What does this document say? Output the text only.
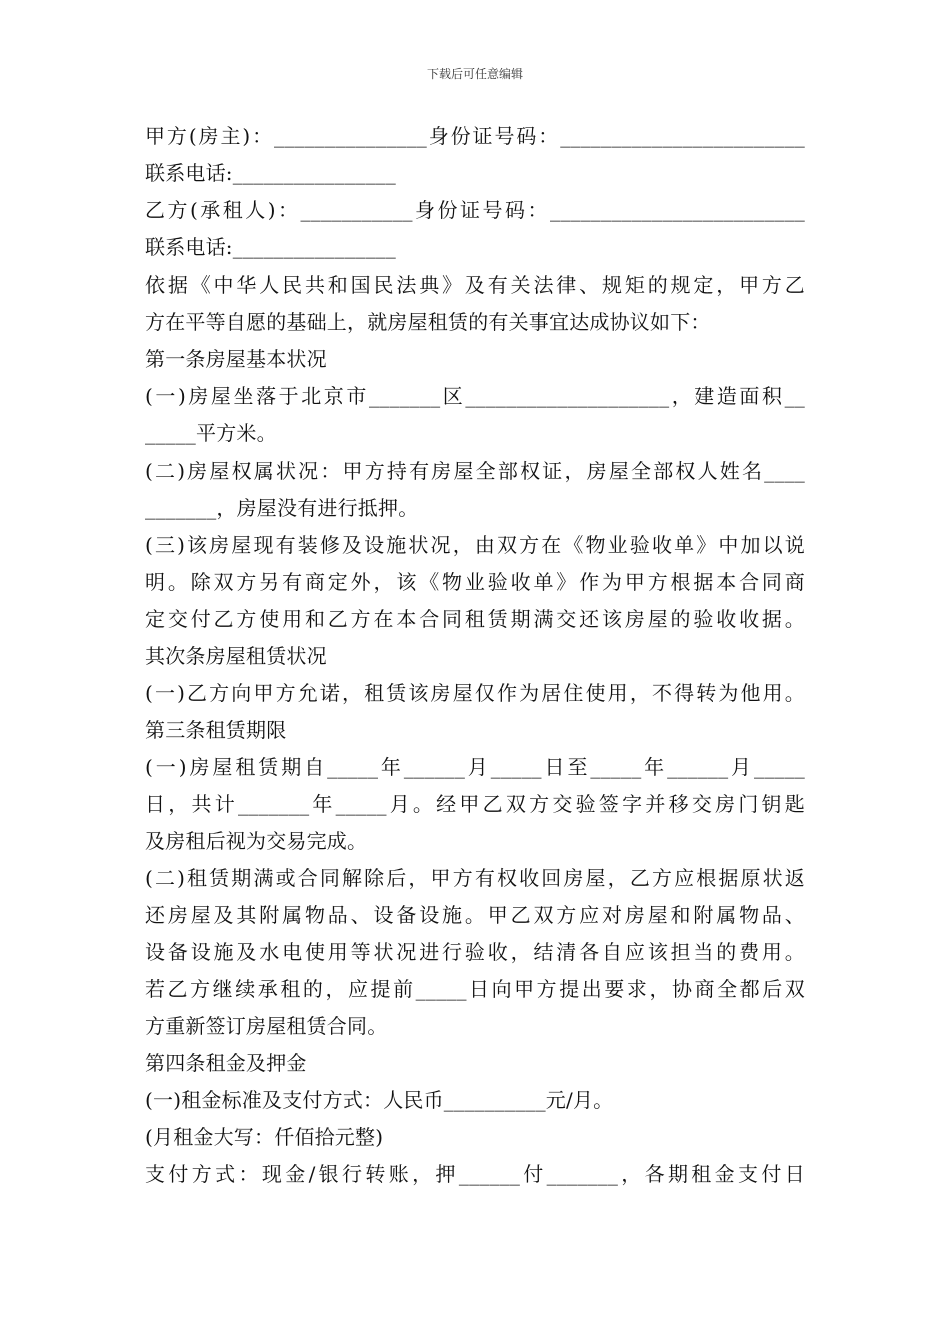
下载后可任意编辑
甲方(房主)：_______________身份证号码：________________________
联系电话:________________
乙方(承租人)：___________身份证号码：_________________________
联系电话:________________
依据《中华人民共和国民法典》及有关法律、规矩的规定，甲方乙
方在平等自愿的基础上，就房屋租赁的有关事宜达成协议如下：
第一条房屋基本状况
(一)房屋坐落于北京市_______区____________________，建造面积__
_____平方米。
(二)房屋权属状况：甲方持有房屋全部权证，房屋全部权人姓名____
_______，房屋没有进行抵押。
(三)该房屋现有装修及设施状况，由双方在《物业验收单》中加以说
明。除双方另有商定外，该《物业验收单》作为甲方根据本合同商
定交付乙方使用和乙方在本合同租赁期满交还该房屋的验收收据。
其次条房屋租赁状况
(一)乙方向甲方允诺，租赁该房屋仅作为居住使用，不得转为他用。
第三条租赁期限
(一)房屋租赁期自_____年______月_____日至_____年______月_____
日，共计_______年_____月。经甲乙双方交验签字并移交房门钥匙
及房租后视为交易完成。
(二)租赁期满或合同解除后，甲方有权收回房屋，乙方应根据原状返
还房屋及其附属物品、设备设施。甲乙双方应对房屋和附属物品、
设备设施及水电使用等状况进行验收，结清各自应该担当的费用。
若乙方继续承租的，应提前_____日向甲方提出要求，协商全都后双
方重新签订房屋租赁合同。
第四条租金及押金
(一)租金标准及支付方式：人民币__________元/月。
(月租金大写：仟佰拾元整)
支付方式：现金/银行转账，押______付_______，各期租金支付日
